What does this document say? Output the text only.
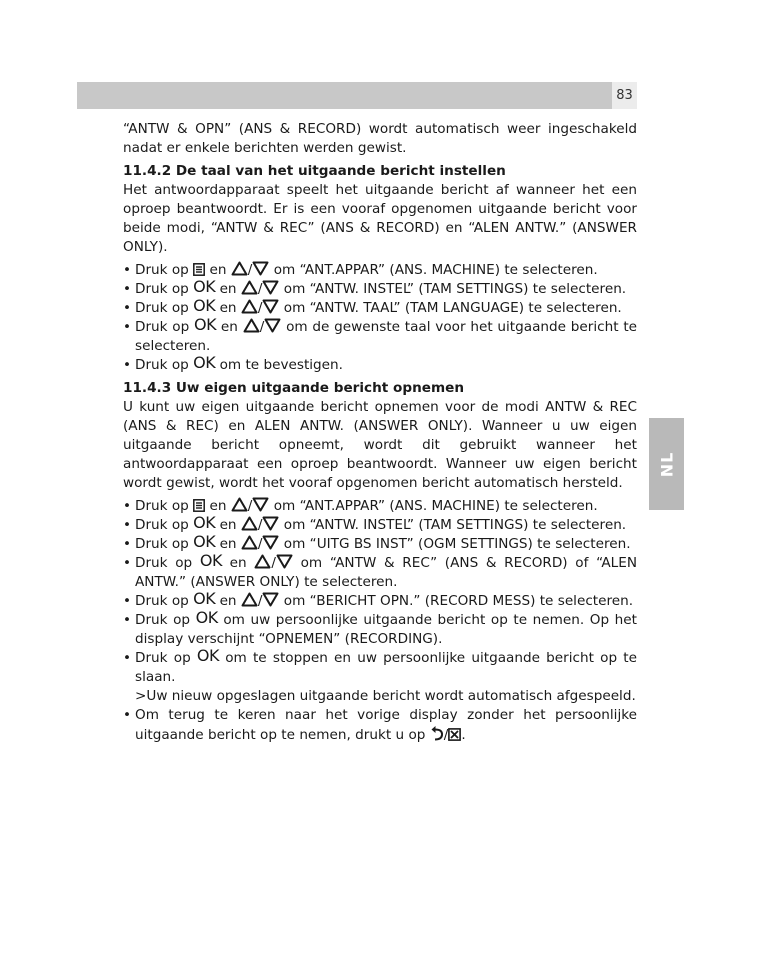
83
NL

“ANTW & OPN” (ANS & RECORD) wordt automatisch weer ingeschakeld nadat er enkele berichten werden gewist.

11.4.2 De taal van het uitgaande bericht instellen

Het antwoordapparaat speelt het uitgaande bericht af wanneer het een oproep beantwoordt. Er is een vooraf opgenomen uitgaande bericht voor beide modi, “ANTW & REC” (ANS & RECORD) en “ALEN ANTW.” (ANSWER ONLY).

• Druk op en / om “ANT.APPAR” (ANS. MACHINE) te selecteren.
• Druk op OK en / om “ANTW. INSTEL” (TAM SETTINGS) te selecteren.
• Druk op OK en / om “ANTW. TAAL” (TAM LANGUAGE) te selecteren.
• Druk op OK en / om de gewenste taal voor het uitgaande bericht te selecteren.
• Druk op OK om te bevestigen.
11.4.3 Uw eigen uitgaande bericht opnemen

U kunt uw eigen uitgaande bericht opnemen voor de modi ANTW & REC (ANS & REC) en ALEN ANTW. (ANSWER ONLY). Wanneer u uw eigen uitgaande bericht opneemt, wordt dit gebruikt wanneer het antwoordapparaat een oproep beantwoordt. Wanneer uw eigen bericht wordt gewist, wordt het vooraf opgenomen bericht automatisch hersteld.

• Druk op en / om “ANT.APPAR” (ANS. MACHINE) te selecteren.
• Druk op OK en / om “ANTW. INSTEL” (TAM SETTINGS) te selecteren.
• Druk op OK en / om “UITG BS INST” (OGM SETTINGS) te selecteren.
• Druk op OK en / om “ANTW & REC” (ANS & RECORD) of “ALEN ANTW.” (ANSWER ONLY) te selecteren.
• Druk op OK en / om “BERICHT OPN.” (RECORD MESS) te selecteren.
• Druk op OK om uw persoonlijke uitgaande bericht op te nemen. Op het display verschijnt “OPNEMEN” (RECORDING).
• Druk op OK om te stoppen en uw persoonlijke uitgaande bericht op te slaan.

>Uw nieuw opgeslagen uitgaande bericht wordt automatisch afgespeeld.

• Om terug te keren naar het vorige display zonder het persoonlijke uitgaande bericht op te nemen, drukt u op / .
